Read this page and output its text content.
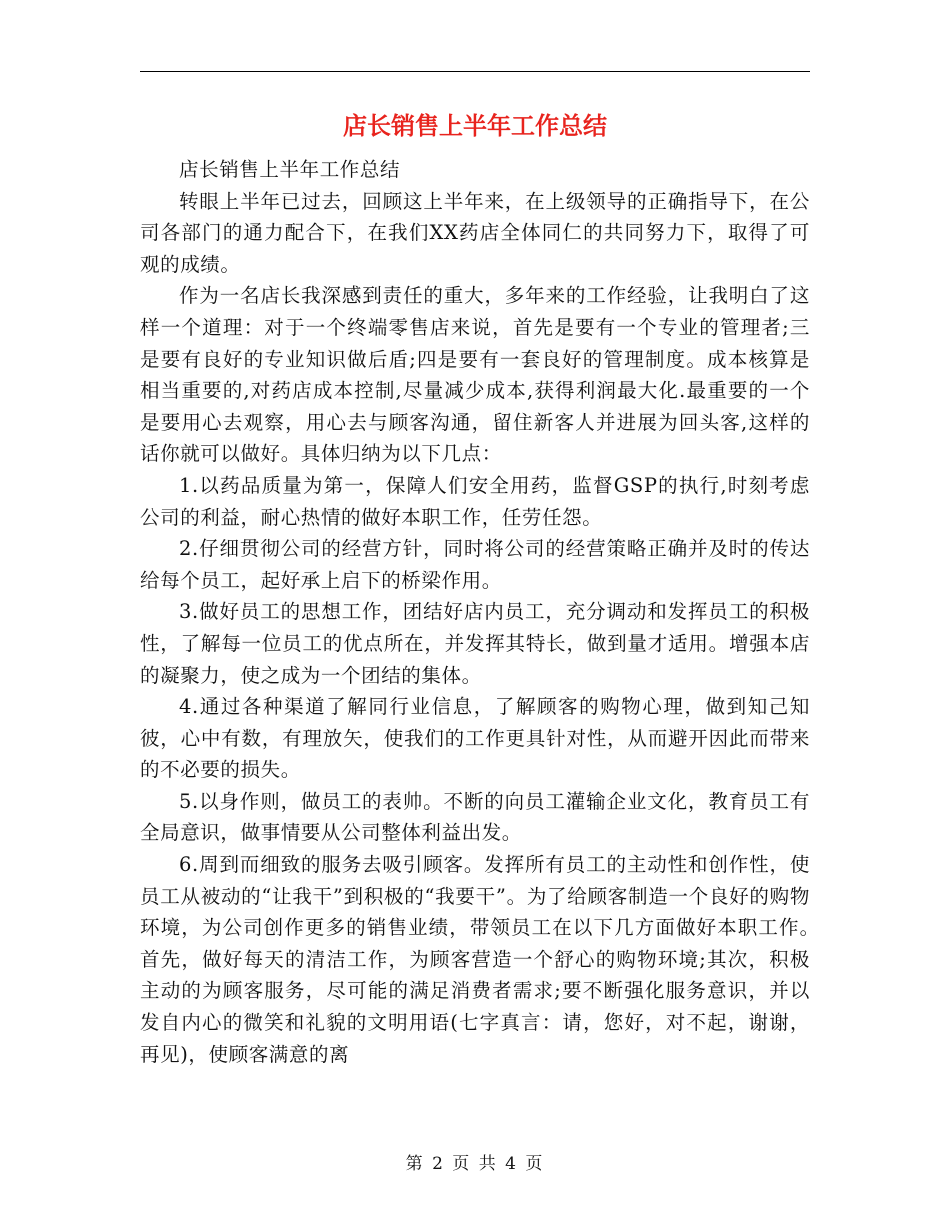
店长销售上半年工作总结

店长销售上半年工作总结

转眼上半年已过去，回顾这上半年来，在上级领导的正确指导下，在公司各部门的通力配合下，在我们XX药店全体同仁的共同努力下，取得了可观的成绩。

作为一名店长我深感到责任的重大，多年来的工作经验，让我明白了这样一个道理：对于一个终端零售店来说，首先是要有一个专业的管理者;三是要有良好的专业知识做后盾;四是要有一套良好的管理制度。成本核算是相当重要的,对药店成本控制,尽量减少成本,获得利润最大化.最重要的一个是要用心去观察，用心去与顾客沟通，留住新客人并进展为回头客,这样的话你就可以做好。具体归纳为以下几点：

1.以药品质量为第一，保障人们安全用药，监督GSP的执行,时刻考虑公司的利益，耐心热情的做好本职工作，任劳任怨。

2.仔细贯彻公司的经营方针，同时将公司的经营策略正确并及时的传达给每个员工，起好承上启下的桥梁作用。

3.做好员工的思想工作，团结好店内员工，充分调动和发挥员工的积极性，了解每一位员工的优点所在，并发挥其特长，做到量才适用。增强本店的凝聚力，使之成为一个团结的集体。

4.通过各种渠道了解同行业信息，了解顾客的购物心理，做到知己知彼，心中有数，有理放矢，使我们的工作更具针对性，从而避开因此而带来的不必要的损失。

5.以身作则，做员工的表帅。不断的向员工灌输企业文化，教育员工有全局意识，做事情要从公司整体利益出发。

6.周到而细致的服务去吸引顾客。发挥所有员工的主动性和创作性，使员工从被动的“让我干”到积极的“我要干”。为了给顾客制造一个良好的购物环境，为公司创作更多的销售业绩，带领员工在以下几方面做好本职工作。　　首先，做好每天的清洁工作，为顾客营造一个舒心的购物环境;其次，积极主动的为顾客服务，尽可能的满足消费者需求;要不断强化服务意识，并以发自内心的微笑和礼貌的文明用语(七字真言：请，您好，对不起，谢谢，再见)，使顾客满意的离

第 2 页 共 4 页
